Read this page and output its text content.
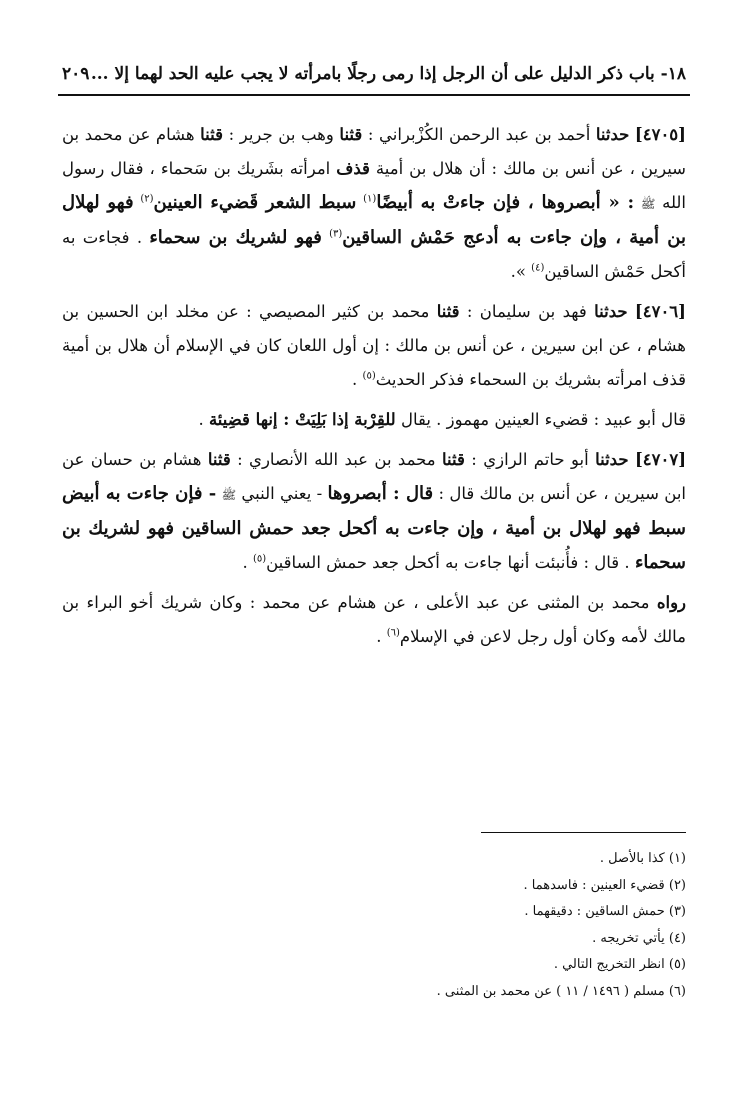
١٨- باب ذكر الدليل على أن الرجل إذا رمى رجلًا بامرأته لا يجب عليه الحد لهما إلا ...
٢٠٩

[٤٧٠٥] حدثنا أحمد بن عبد الرحمن الكُزْبراني : قثنا وهب بن جرير : قثنا هشام عن محمد بن سيرين ، عن أنس بن مالك : أن هلال بن أمية قذف امرأته بشَريك بن سَحماء ، فقال رسول الله ﷺ : « أبصروها ، فإن جاءتْ به أبيضًا$^{(١)}$ سبط الشعر قَضيء العينين$^{(٢)}$ فهو لهلال بن أمية ، وإن جاءت به أدعج حَمْش الساقين$^{(٣)}$ فهو لشريك بن سحماء . فجاءت به أكحل حَمْش الساقين$^{(٤)}$ ».

[٤٧٠٦] حدثنا فهد بن سليمان : قثنا محمد بن كثير المصيصي : عن مخلد ابن الحسين بن هشام ، عن ابن سيرين ، عن أنس بن مالك : إن أول اللعان كان في الإسلام أن هلال بن أمية قذف امرأته بشريك بن السحماء فذكر الحديث$^{(٥)}$ .

قال أبو عبيد : قضيء العينين مهموز . يقال للقِرْبة إذا بَلِيَتْ : إنها قضِيئة .

[٤٧٠٧] حدثنا أبو حاتم الرازي : قثنا محمد بن عبد الله الأنصاري : قثنا هشام بن حسان عن ابن سيرين ، عن أنس بن مالك قال : قال : أبصروها - يعني النبي ﷺ - فإن جاءت به أبيض سبط فهو لهلال بن أمية ، وإن جاءت به أكحل جعد حمش الساقين فهو لشريك بن سحماء . قال : فأُنبئت أنها جاءت به أكحل جعد حمش الساقين$^{(٥)}$ .

رواه محمد بن المثنى عن عبد الأعلى ، عن هشام عن محمد : وكان شريك أخو البراء بن مالك لأمه وكان أول رجل لاعن في الإسلام$^{(٦)}$ .

(١) كذا بالأصل .
(٢) قضيء العينين : فاسدهما .
(٣) حمش الساقين : دقيقهما .
(٤) يأتي تخريجه .
(٥) انظر التخريج التالي .
(٦) مسلم ( ١٤٩٦ / ١١ ) عن محمد بن المثنى .
